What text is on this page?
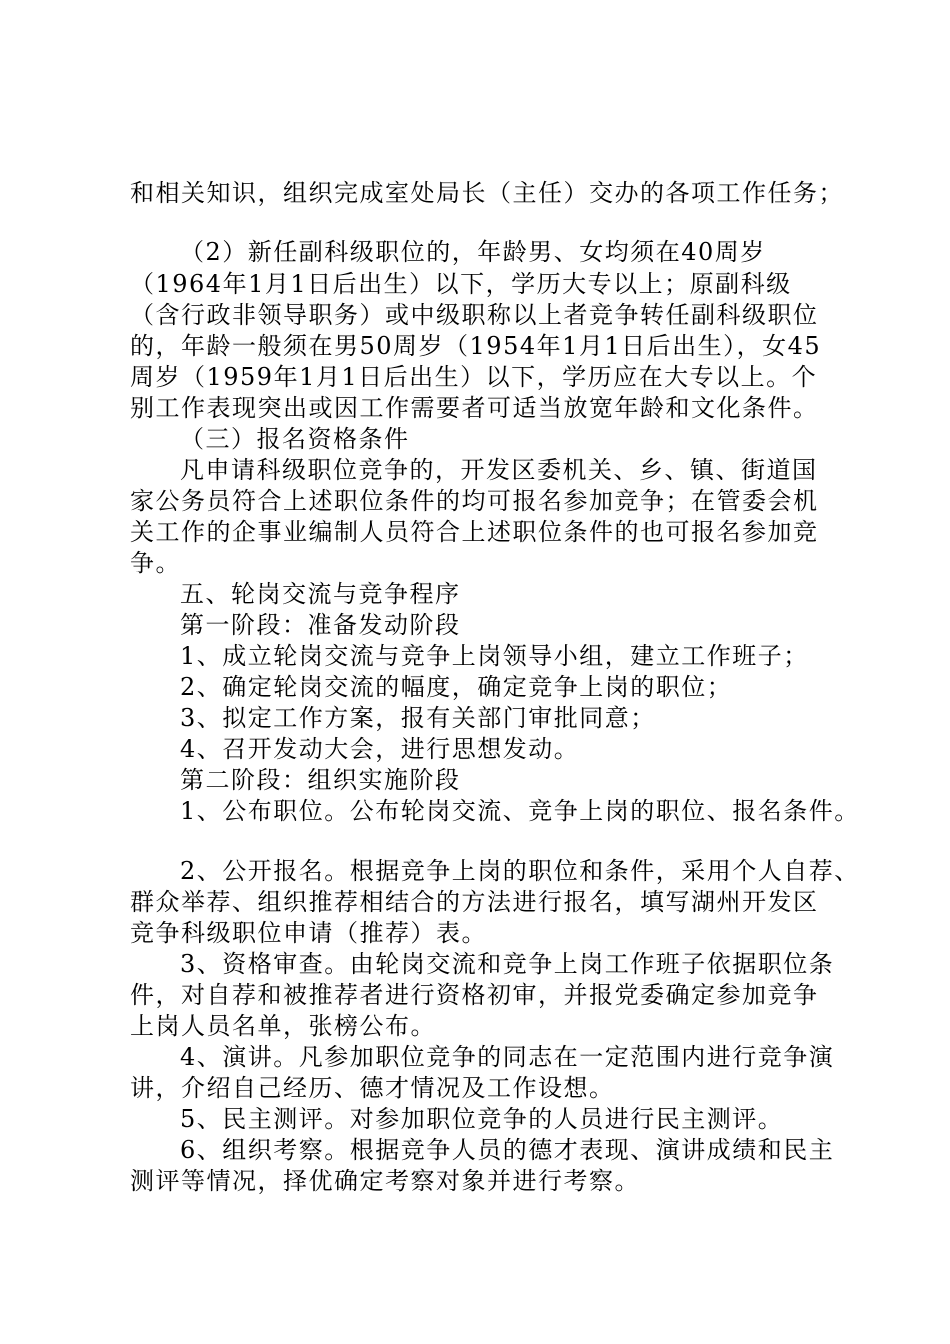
和相关知识，组织完成室处局长（主任）交办的各项工作任务；
（2）新任副科级职位的，年龄男、女均须在40周岁
（1964年1月1日后出生）以下，学历大专以上；原副科级
（含行政非领导职务）或中级职称以上者竞争转任副科级职位
的，年龄一般须在男50周岁（1954年1月1日后出生），女45
周岁（1959年1月1日后出生）以下，学历应在大专以上。个
别工作表现突出或因工作需要者可适当放宽年龄和文化条件。
（三）报名资格条件
凡申请科级职位竞争的，开发区委机关、乡、镇、街道国
家公务员符合上述职位条件的均可报名参加竞争；在管委会机
关工作的企事业编制人员符合上述职位条件的也可报名参加竞
争。
五、轮岗交流与竞争程序
第一阶段：准备发动阶段
1、成立轮岗交流与竞争上岗领导小组，建立工作班子；
2、确定轮岗交流的幅度，确定竞争上岗的职位；
3、拟定工作方案，报有关部门审批同意；
4、召开发动大会，进行思想发动。
第二阶段：组织实施阶段
1、公布职位。公布轮岗交流、竞争上岗的职位、报名条件。
2、公开报名。根据竞争上岗的职位和条件，采用个人自荐、
群众举荐、组织推荐相结合的方法进行报名，填写湖州开发区
竞争科级职位申请（推荐）表。
3、资格审查。由轮岗交流和竞争上岗工作班子依据职位条
件，对自荐和被推荐者进行资格初审，并报党委确定参加竞争
上岗人员名单，张榜公布。
4、演讲。凡参加职位竞争的同志在一定范围内进行竞争演
讲，介绍自己经历、德才情况及工作设想。
5、民主测评。对参加职位竞争的人员进行民主测评。
6、组织考察。根据竞争人员的德才表现、演讲成绩和民主
测评等情况，择优确定考察对象并进行考察。
